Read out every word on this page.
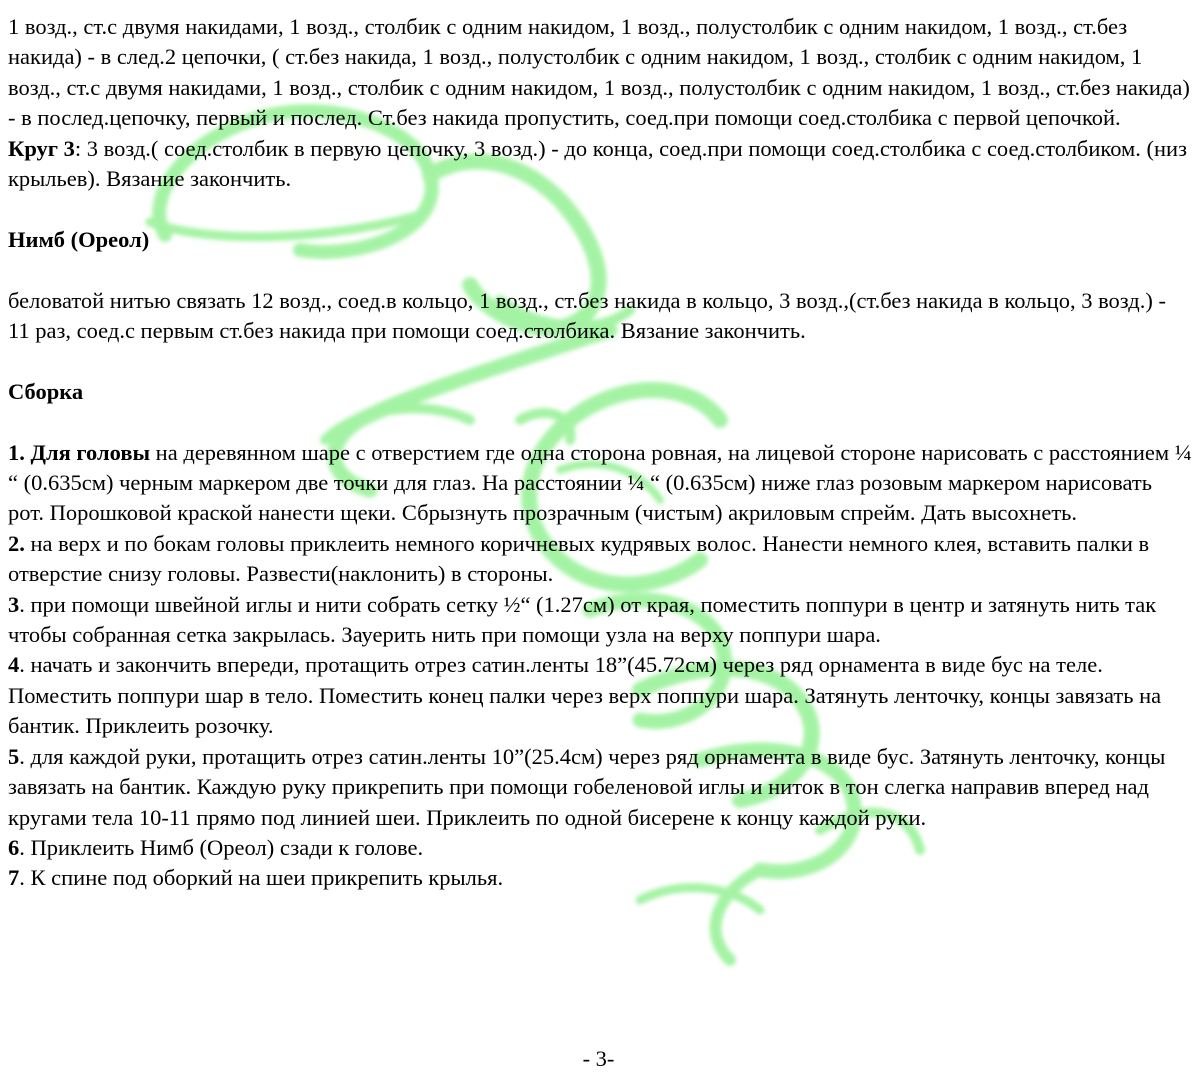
1 возд., ст.с двумя накидами, 1 возд., столбик с одним накидом, 1 возд., полустолбик с одним накидом, 1 возд., ст.без накида) - в след.2 цепочки, ( ст.без накида, 1 возд., полустолбик с одним накидом, 1 возд., столбик с одним накидом, 1 возд., ст.с двумя накидами, 1 возд., столбик с одним накидом, 1 возд., полустолбик с одним накидом, 1 возд., ст.без накида) - в послед.цепочку, первый и послед. Ст.без накида пропустить, соед.при помощи соед.столбика с первой цепочкой.

Круг 3: 3 возд.( соед.столбик в первую цепочку, 3 возд.) - до конца, соед.при помощи соед.столбика с соед.столбиком. (низ крыльев). Вязание закончить.

Нимб (Ореол)

беловатой нитью связать 12 возд., соед.в кольцо, 1 возд., ст.без накида в кольцо, 3 возд.,(ст.без накида в кольцо, 3 возд.) - 11 раз, соед.с первым ст.без накида при помощи соед.столбика. Вязание закончить.

Сборка

1. Для головы на деревянном шаре с отверстием где одна сторона ровная, на лицевой стороне нарисовать с расстоянием ¼ “ (0.635см) черным маркером две точки для глаз. На расстоянии ¼ “ (0.635см) ниже глаз розовым маркером нарисовать рот. Порошковой краской нанести щеки. Сбрызнуть прозрачным (чистым) акриловым спрейм. Дать высохнеть.

2. на верх и по бокам головы приклеить немного коричневых кудрявых волос. Нанести немного клея, вставить палки в отверстие снизу головы. Развести(наклонить) в стороны.

3. при помощи швейной иглы и нити собрать сетку ½“ (1.27см) от края, поместить поппури в центр и затянуть нить так чтобы собранная сетка закрылась. Зауерить нить при помощи узла на верху поппури шара.

4. начать и закончить впереди, протащить отрез сатин.ленты 18”(45.72см) через ряд орнамента в виде бус на теле. Поместить поппури шар в тело. Поместить конец палки через верх поппури шара. Затянуть ленточку, концы завязать на бантик. Приклеить розочку.

5. для каждой руки, протащить отрез сатин.ленты 10”(25.4см) через ряд орнамента в виде бус. Затянуть ленточку, концы завязать на бантик. Каждую руку прикрепить при помощи гобеленовой иглы и ниток в тон слегка направив вперед над кругами тела 10-11 прямо под линией шеи. Приклеить по одной бисерене к концу каждой руки.

6. Приклеить Нимб (Ореол) сзади к голове.

7. К спине под оборкий на шеи прикрепить крылья.

- 3-
